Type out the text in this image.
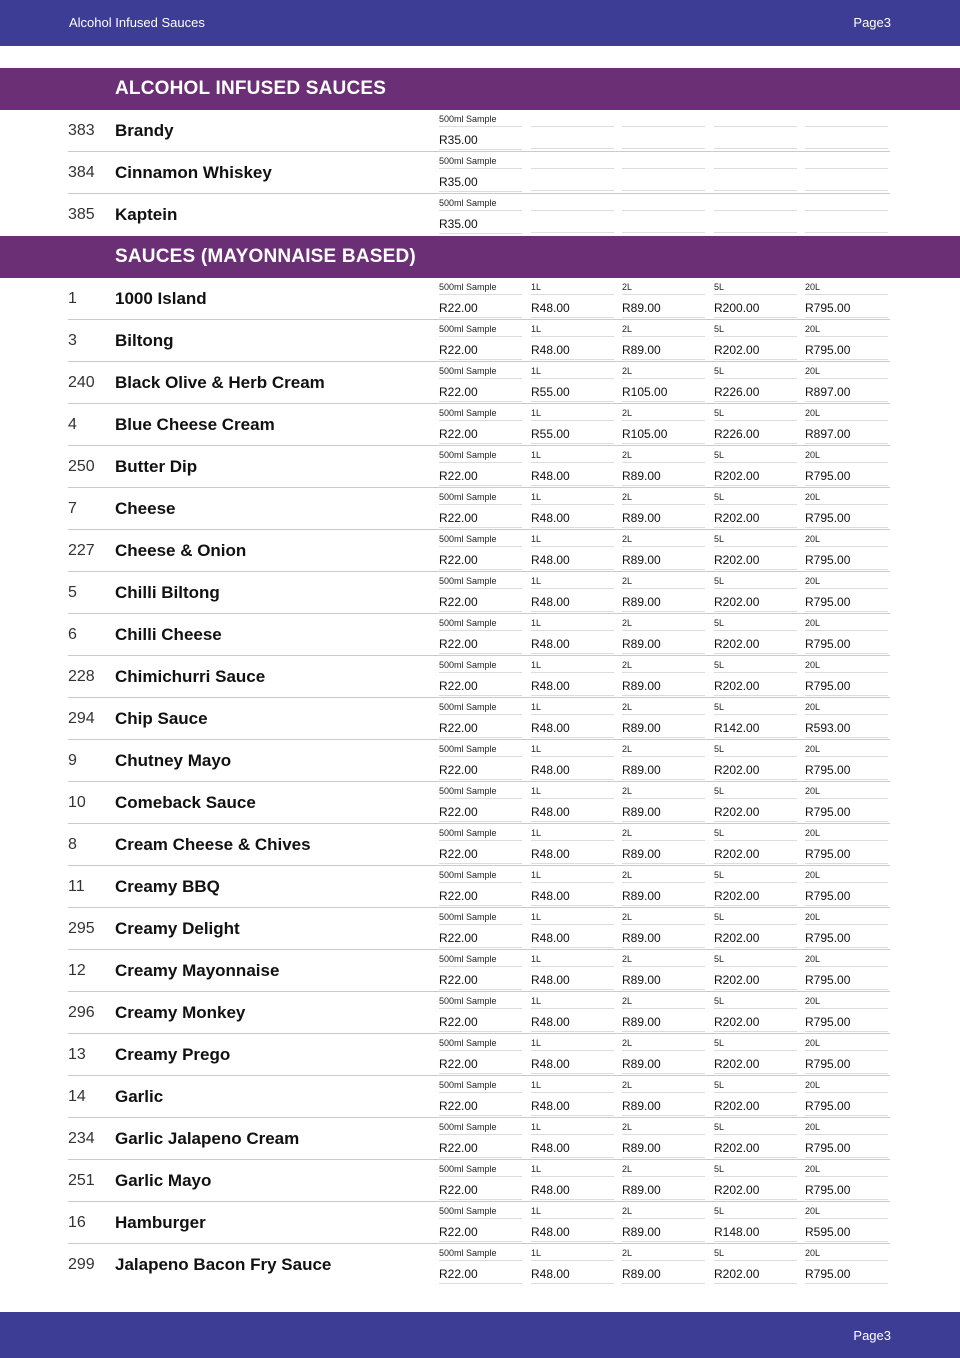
Alcohol Infused Sauces	Page3
ALCOHOL INFUSED SAUCES
383 Brandy
500ml Sample
R35.00
384 Cinnamon Whiskey
500ml Sample
R35.00
385 Kaptein
500ml Sample
R35.00
SAUCES (MAYONNAISE BASED)
1 1000 Island
500ml Sample
R22.00
1L
R48.00
2L
R89.00
5L
R200.00
20L
R795.00
3 Biltong
500ml Sample
R22.00
1L
R48.00
2L
R89.00
5L
R202.00
20L
R795.00
240 Black Olive & Herb Cream
500ml Sample
R22.00
1L
R55.00
2L
R105.00
5L
R226.00
20L
R897.00
4 Blue Cheese Cream
500ml Sample
R22.00
1L
R55.00
2L
R105.00
5L
R226.00
20L
R897.00
250 Butter Dip
500ml Sample
R22.00
1L
R48.00
2L
R89.00
5L
R202.00
20L
R795.00
7 Cheese
500ml Sample
R22.00
1L
R48.00
2L
R89.00
5L
R202.00
20L
R795.00
227 Cheese & Onion
500ml Sample
R22.00
1L
R48.00
2L
R89.00
5L
R202.00
20L
R795.00
5 Chilli Biltong
500ml Sample
R22.00
1L
R48.00
2L
R89.00
5L
R202.00
20L
R795.00
6 Chilli Cheese
500ml Sample
R22.00
1L
R48.00
2L
R89.00
5L
R202.00
20L
R795.00
228 Chimichurri Sauce
500ml Sample
R22.00
1L
R48.00
2L
R89.00
5L
R202.00
20L
R795.00
294 Chip Sauce
500ml Sample
R22.00
1L
R48.00
2L
R89.00
5L
R142.00
20L
R593.00
9 Chutney Mayo
500ml Sample
R22.00
1L
R48.00
2L
R89.00
5L
R202.00
20L
R795.00
10 Comeback Sauce
500ml Sample
R22.00
1L
R48.00
2L
R89.00
5L
R202.00
20L
R795.00
8 Cream Cheese & Chives
500ml Sample
R22.00
1L
R48.00
2L
R89.00
5L
R202.00
20L
R795.00
11 Creamy BBQ
500ml Sample
R22.00
1L
R48.00
2L
R89.00
5L
R202.00
20L
R795.00
295 Creamy Delight
500ml Sample
R22.00
1L
R48.00
2L
R89.00
5L
R202.00
20L
R795.00
12 Creamy Mayonnaise
500ml Sample
R22.00
1L
R48.00
2L
R89.00
5L
R202.00
20L
R795.00
296 Creamy Monkey
500ml Sample
R22.00
1L
R48.00
2L
R89.00
5L
R202.00
20L
R795.00
13 Creamy Prego
500ml Sample
R22.00
1L
R48.00
2L
R89.00
5L
R202.00
20L
R795.00
14 Garlic
500ml Sample
R22.00
1L
R48.00
2L
R89.00
5L
R202.00
20L
R795.00
234 Garlic Jalapeno Cream
500ml Sample
R22.00
1L
R48.00
2L
R89.00
5L
R202.00
20L
R795.00
251 Garlic Mayo
500ml Sample
R22.00
1L
R48.00
2L
R89.00
5L
R202.00
20L
R795.00
16 Hamburger
500ml Sample
R22.00
1L
R48.00
2L
R89.00
5L
R148.00
20L
R595.00
299 Jalapeno Bacon Fry Sauce
500ml Sample
R22.00
1L
R48.00
2L
R89.00
5L
R202.00
20L
R795.00
Page3
